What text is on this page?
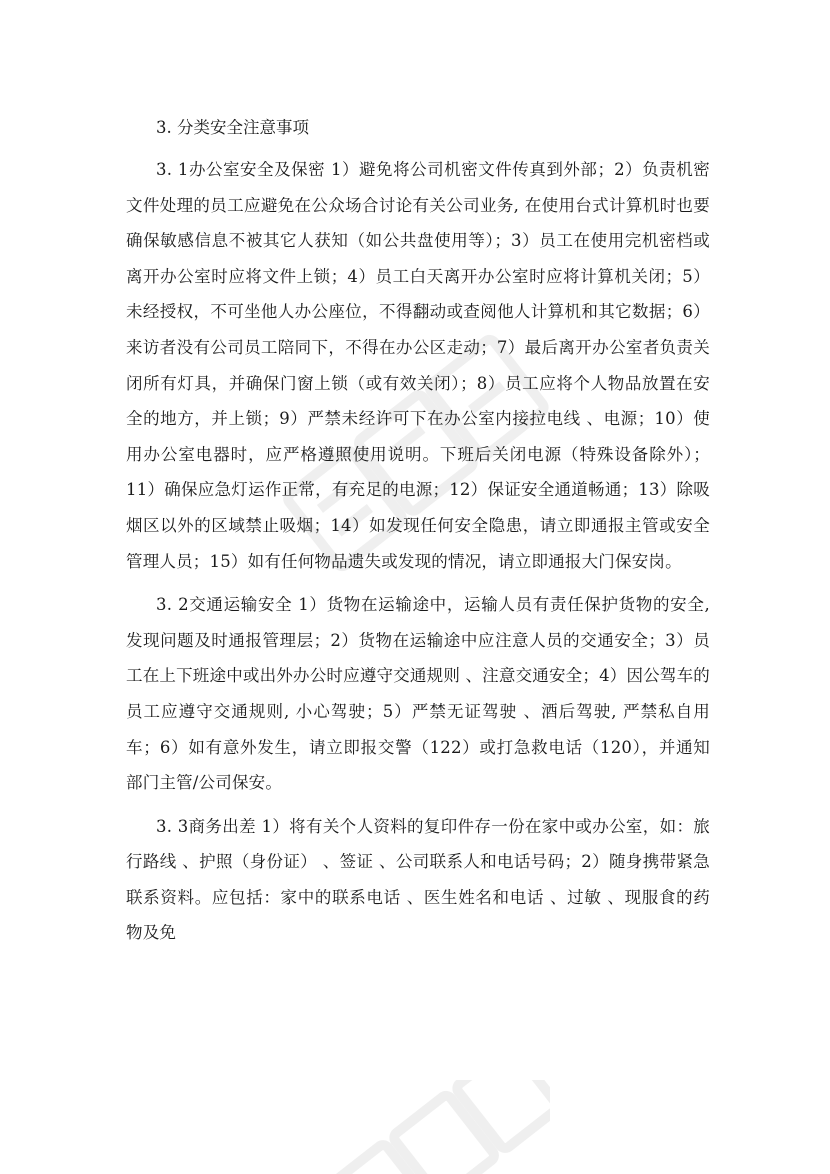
3. 分类安全注意事项

3. 1办公室安全及保密 1）避免将公司机密文件传真到外部；2）负责机密文件处理的员工应避免在公众场合讨论有关公司业务, 在使用台式计算机时也要确保敏感信息不被其它人获知（如公共盘使用等）；3）员工在使用完机密档或离开办公室时应将文件上锁；4）员工白天离开办公室时应将计算机关闭；5）未经授权，不可坐他人办公座位，不得翻动或查阅他人计算机和其它数据；6）来访者没有公司员工陪同下，不得在办公区走动；7）最后离开办公室者负责关闭所有灯具，并确保门窗上锁（或有效关闭）；8）员工应将个人物品放置在安全的地方，并上锁；9）严禁未经许可下在办公室内接拉电线 、电源；10）使用办公室电器时，应严格遵照使用说明。下班后关闭电源（特殊设备除外）；11）确保应急灯运作正常，有充足的电源；12）保证安全通道畅通；13）除吸烟区以外的区域禁止吸烟；14）如发现任何安全隐患，请立即通报主管或安全管理人员；15）如有任何物品遗失或发现的情况，请立即通报大门保安岗。

3. 2交通运输安全 1）货物在运输途中，运输人员有责任保护货物的安全,发现问题及时通报管理层；2）货物在运输途中应注意人员的交通安全；3）员工在上下班途中或出外办公时应遵守交通规则 、注意交通安全；4）因公驾车的员工应遵守交通规则, 小心驾驶；5）严禁无证驾驶 、酒后驾驶, 严禁私自用车；6）如有意外发生，请立即报交警（122）或打急救电话（120），并通知部门主管/公司保安。

3. 3商务出差 1）将有关个人资料的复印件存一份在家中或办公室，如：旅行路线 、护照（身份证） 、签证 、公司联系人和电话号码；2）随身携带紧急联系资料。应包括：家中的联系电话 、医生姓名和电话 、过敏 、现服食的药物及免
